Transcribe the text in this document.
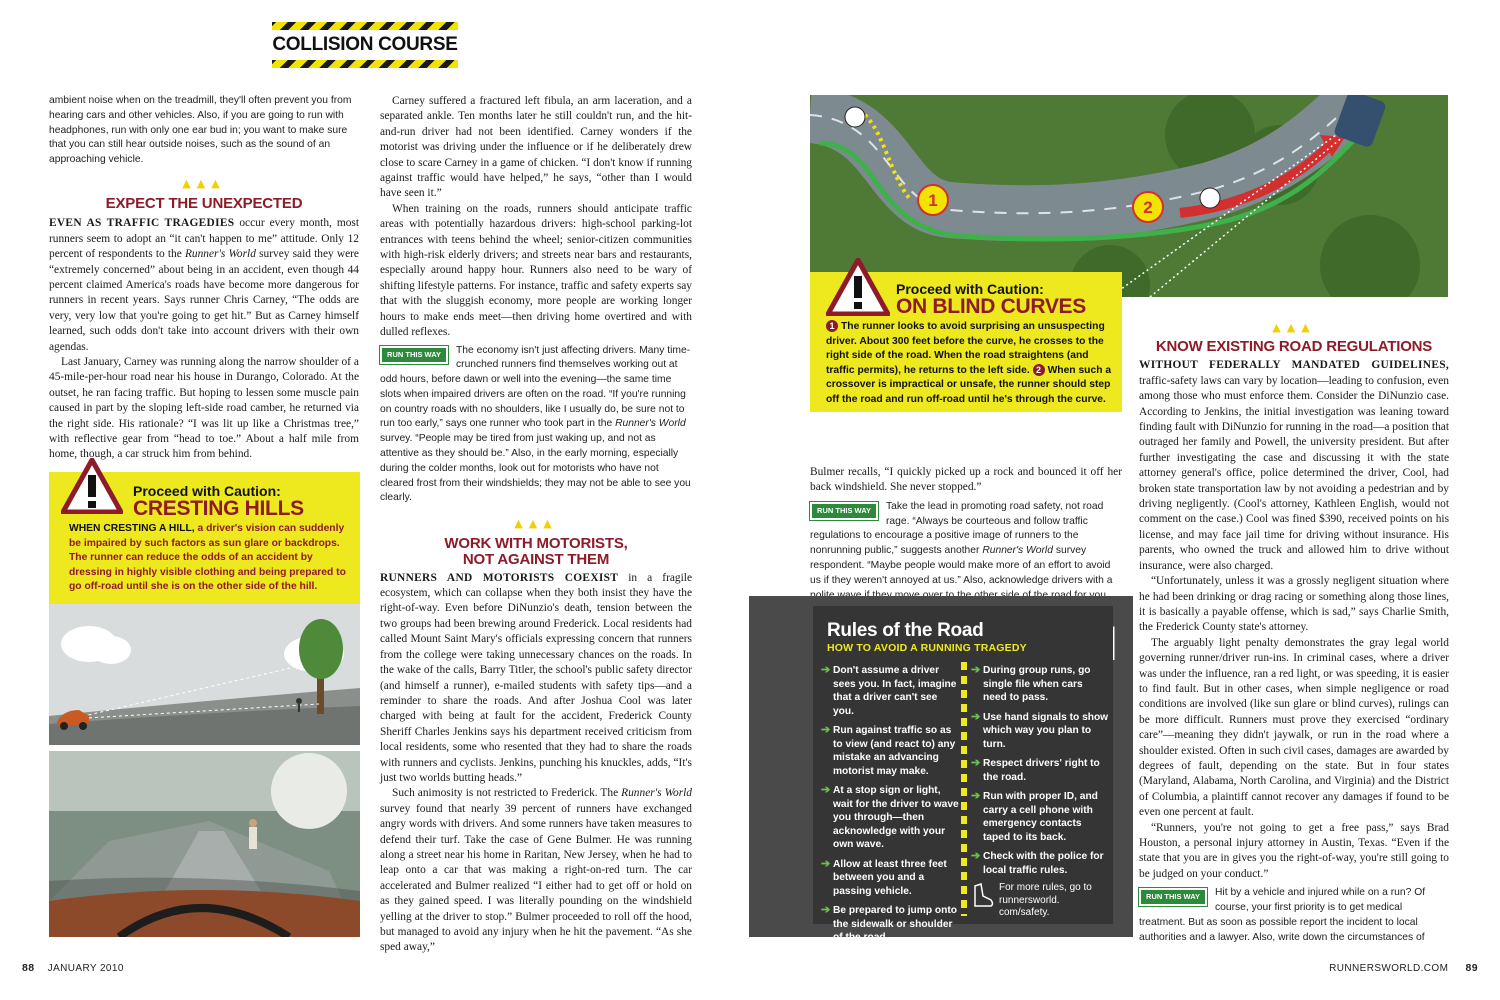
COLLISION COURSE
ambient noise when on the treadmill, they'll often prevent you from hearing cars and other vehicles. Also, if you are going to run with headphones, run with only one ear bud in; you want to make sure that you can still hear outside noises, such as the sound of an approaching vehicle.
▲▲▲
EXPECT THE UNEXPECTED

EVEN AS TRAFFIC TRAGEDIES occur every month, most runners seem to adopt an “it can't happen to me” attitude. Only 12 percent of respondents to the Runner's World survey said they were “extremely concerned” about being in an accident, even though 44 percent claimed America's roads have become more dangerous for runners in recent years. Says runner Chris Carney, “The odds are very, very low that you're going to get hit.” But as Carney himself learned, such odds don't take into account drivers with their own agendas.

Last January, Carney was running along the narrow shoulder of a 45-mile-per-hour road near his house in Durango, Colorado. At the outset, he ran facing traffic. But hoping to lessen some muscle pain caused in part by the sloping left-side road camber, he returned via the right side. His rationale? “I was lit up like a Christmas tree,” with reflective gear from “head to toe.” About a half mile from home, though, a car struck him from behind.

Proceed with Caution:
CRESTING HILLS
WHEN CRESTING A HILL, a driver's vision can suddenly be impaired by such factors as sun glare or backdrops. The runner can reduce the odds of an accident by dressing in highly visible clothing and being prepared to go off-road until she is on the other side of the hill.

Carney suffered a fractured left fibula, an arm laceration, and a separated ankle. Ten months later he still couldn't run, and the hit-and-run driver had not been identified. Carney wonders if the motorist was driving under the influence or if he deliberately drew close to scare Carney in a game of chicken. “I don't know if running against traffic would have helped,” he says, “other than I would have seen it.”

When training on the roads, runners should anticipate traffic areas with potentially hazardous drivers: high-school parking-lot entrances with teens behind the wheel; senior-citizen communities with high-risk elderly drivers; and streets near bars and restaurants, especially around happy hour. Runners also need to be wary of shifting lifestyle patterns. For instance, traffic and safety experts say that with the sluggish economy, more people are working longer hours to make ends meet—then driving home overtired and with dulled reflexes.

RUN THIS WAY	The economy isn't just affecting drivers. Many time-crunched runners find themselves working out at odd hours, before dawn or well into the evening—the same time slots when impaired drivers are often on the road. “If you're running on country roads with no shoulders, like I usually do, be sure not to run too early,” says one runner who took part in the Runner's World survey. “People may be tired from just waking up, and not as attentive as they should be.” Also, in the early morning, especially during the colder months, look out for motorists who have not cleared frost from their windshields; they may not be able to see you clearly.
▲▲▲
WORK WITH MOTORISTS,
NOT AGAINST THEM

RUNNERS AND MOTORISTS COEXIST in a fragile ecosystem, which can collapse when they both insist they have the right-of-way. Even before DiNunzio's death, tension between the two groups had been brewing around Frederick. Local residents had called Mount Saint Mary's officials expressing concern that runners from the college were taking unnecessary chances on the roads. In the wake of the calls, Barry Titler, the school's public safety director (and himself a runner), e-mailed students with safety tips—and a reminder to share the roads. And after Joshua Cool was later charged with being at fault for the accident, Frederick County Sheriff Charles Jenkins says his department received criticism from local residents, some who resented that they had to share the roads with runners and cyclists. Jenkins, punching his knuckles, adds, “It's just two worlds butting heads.”

Such animosity is not restricted to Frederick. The Runner's World survey found that nearly 39 percent of runners have exchanged angry words with drivers. And some runners have taken measures to defend their turf. Take the case of Gene Bulmer. He was running along a street near his home in Raritan, New Jersey, when he had to leap onto a car that was making a right-on-red turn. The car accelerated and Bulmer realized “I either had to get off or hold on as they gained speed. I was literally pounding on the windshield yelling at the driver to stop.” Bulmer proceeded to roll off the hood, but managed to avoid any injury when he hit the pavement. “As she sped away,”

1	2
Proceed with Caution:
ON BLIND CURVES
1 The runner looks to avoid surprising an unsuspecting driver. About 300 feet before the curve, he crosses to the right side of the road. When the road straightens (and traffic permits), he returns to the left side. 2 When such a crossover is impractical or unsafe, the runner should step off the road and run off-road until he's through the curve.

Bulmer recalls, “I quickly picked up a rock and bounced it off her back windshield. She never stopped.”

RUN THIS WAY	Take the lead in promoting road safety, not road rage. “Always be courteous and follow traffic regulations to encourage a positive image of runners to the nonrunning public,” suggests another Runner's World survey respondent. “Maybe people would make more of an effort to avoid us if they weren't annoyed at us.” Also, acknowledge drivers with a
Rules of the Road
HOW TO AVOID A RUNNING TRAGEDY
➔ Don't assume a driver sees you. In fact, imagine that a driver can't see you.
➔ Run against traffic so as to view (and react to) any mistake an advancing motorist may make.
➔ At a stop sign or light, wait for the driver to wave you through—then acknowledge with your own wave.
➔ Allow at least three feet between you and a passing vehicle.
➔ Be prepared to jump onto the sidewalk or shoulder of the road.
➔ During group runs, go single file when cars need to pass.
➔ Use hand signals to show which way you plan to turn.
➔ Respect drivers' right to the road.
➔ Run with proper ID, and carry a cell phone with emergency contacts taped to its back.
➔ Check with the police for local traffic rules.
For more rules, go to runnersworld. com/safety.
▲▲▲
KNOW EXISTING ROAD REGULATIONS

WITHOUT FEDERALLY MANDATED GUIDELINES, traffic-safety laws can vary by location—leading to confusion, even among those who must enforce them. Consider the DiNunzio case. According to Jenkins, the initial investigation was leaning toward finding fault with DiNunzio for running in the road—a position that outraged her family and Powell, the university president. But after further investigating the case and discussing it with the state attorney general's office, police determined the driver, Cool, had broken state transportation law by not avoiding a pedestrian and by driving negligently. (Cool's attorney, Kathleen English, would not comment on the case.) Cool was fined $390, received points on his license, and may face jail time for driving without insurance. His parents, who owned the truck and allowed him to drive without insurance, were also charged.

“Unfortunately, unless it was a grossly negligent situation where he had been drinking or drag racing or something along those lines, it is basically a payable offense, which is sad,” says Charlie Smith, the Frederick County state's attorney.

The arguably light penalty demonstrates the gray legal world governing runner/driver run-ins. In criminal cases, where a driver was under the influence, ran a red light, or was speeding, it is easier to find fault. But in other cases, when simple negligence or road conditions are involved (like sun glare or blind curves), rulings can be more difficult. Runners must prove they exercised “ordinary care”—meaning they didn't jaywalk, or run in the road where a shoulder existed. Often in such civil cases, damages are awarded by degrees of fault, depending on the state. But in four states (Maryland, Alabama, North Carolina, and Virginia) and the District of Columbia, a plaintiff cannot recover any damages if found to be even one percent at fault.

“Runners, you're not going to get a free pass,” says Brad Houston, a personal injury attorney in Austin, Texas. “Even if the state that you are in gives you the right-of-way, you're still going to be judged on your conduct.”

RUN THIS WAY	Hit by a vehicle and injured while on a run? Of course, your first priority is to get medical treatment. But as soon as possible report the incident to local authorities and a lawyer. Also, write down the circumstances of
88 JANUARY 2010	RUNNERSWORLD.COM 89
